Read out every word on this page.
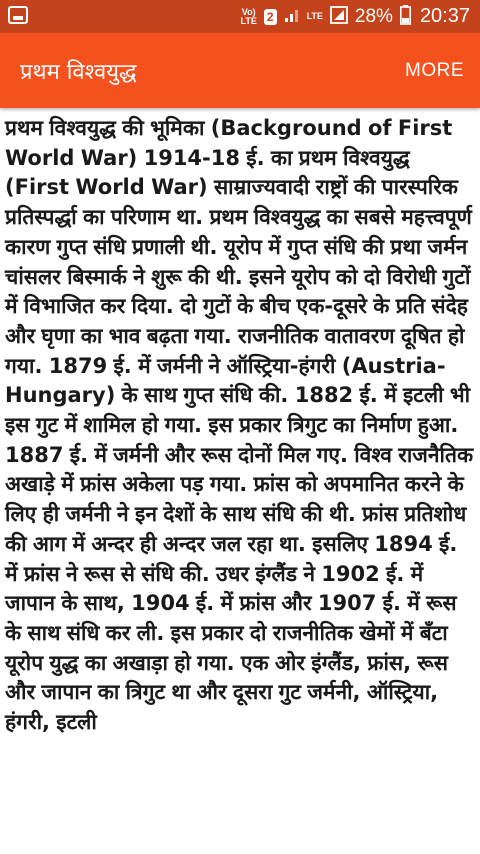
Vo)
LTE 2	LTE 28% 20:37
प्रथम विश्वयुद्ध	MORE

प्रथम विश्वयुद्ध की भूमिका (Background of First World War) 1914-18 ई. का प्रथम विश्वयुद्ध (First World War) साम्राज्यवादी राष्ट्रों की पारस्परिक प्रतिस्पर्द्धा का परिणाम था. प्रथम विश्वयुद्ध का सबसे महत्त्वपूर्ण कारण गुप्त संधि प्रणाली थी. यूरोप में गुप्त संधि की प्रथा जर्मन चांसलर बिस्मार्क ने शुरू की थी. इसने यूरोप को दो विरोधी गुटों में विभाजित कर दिया. दो गुटों के बीच एक-दूसरे के प्रति संदेह और घृणा का भाव बढ़ता गया. राजनीतिक वातावरण दूषित हो गया. 1879 ई. में जर्मनी ने ऑस्ट्रिया-हंगरी (Austria-Hungary) के साथ गुप्त संधि की. 1882 ई. में इटली भी इस गुट में शामिल हो गया. इस प्रकार त्रिगुट का निर्माण हुआ. 1887 ई. में जर्मनी और रूस दोनों मिल गए. विश्व राजनैतिक अखाड़े में फ्रांस अकेला पड़ गया. फ्रांस को अपमानित करने के लिए ही जर्मनी ने इन देशों के साथ संधि की थी. फ्रांस प्रतिशोध की आग में अन्दर ही अन्दर जल रहा था. इसलिए 1894 ई. में फ्रांस ने रूस से संधि की. उधर इंग्लैंड ने 1902 ई. में जापान के साथ, 1904 ई. में फ्रांस और 1907 ई. में रूस के साथ संधि कर ली. इस प्रकार दो राजनीतिक खेमों में बँटा यूरोप युद्ध का अखाड़ा हो गया. एक ओर इंग्लैंड, फ्रांस, रूस और जापान का त्रिगुट था और दूसरा गुट जर्मनी, ऑस्ट्रिया, हंगरी, इटली
